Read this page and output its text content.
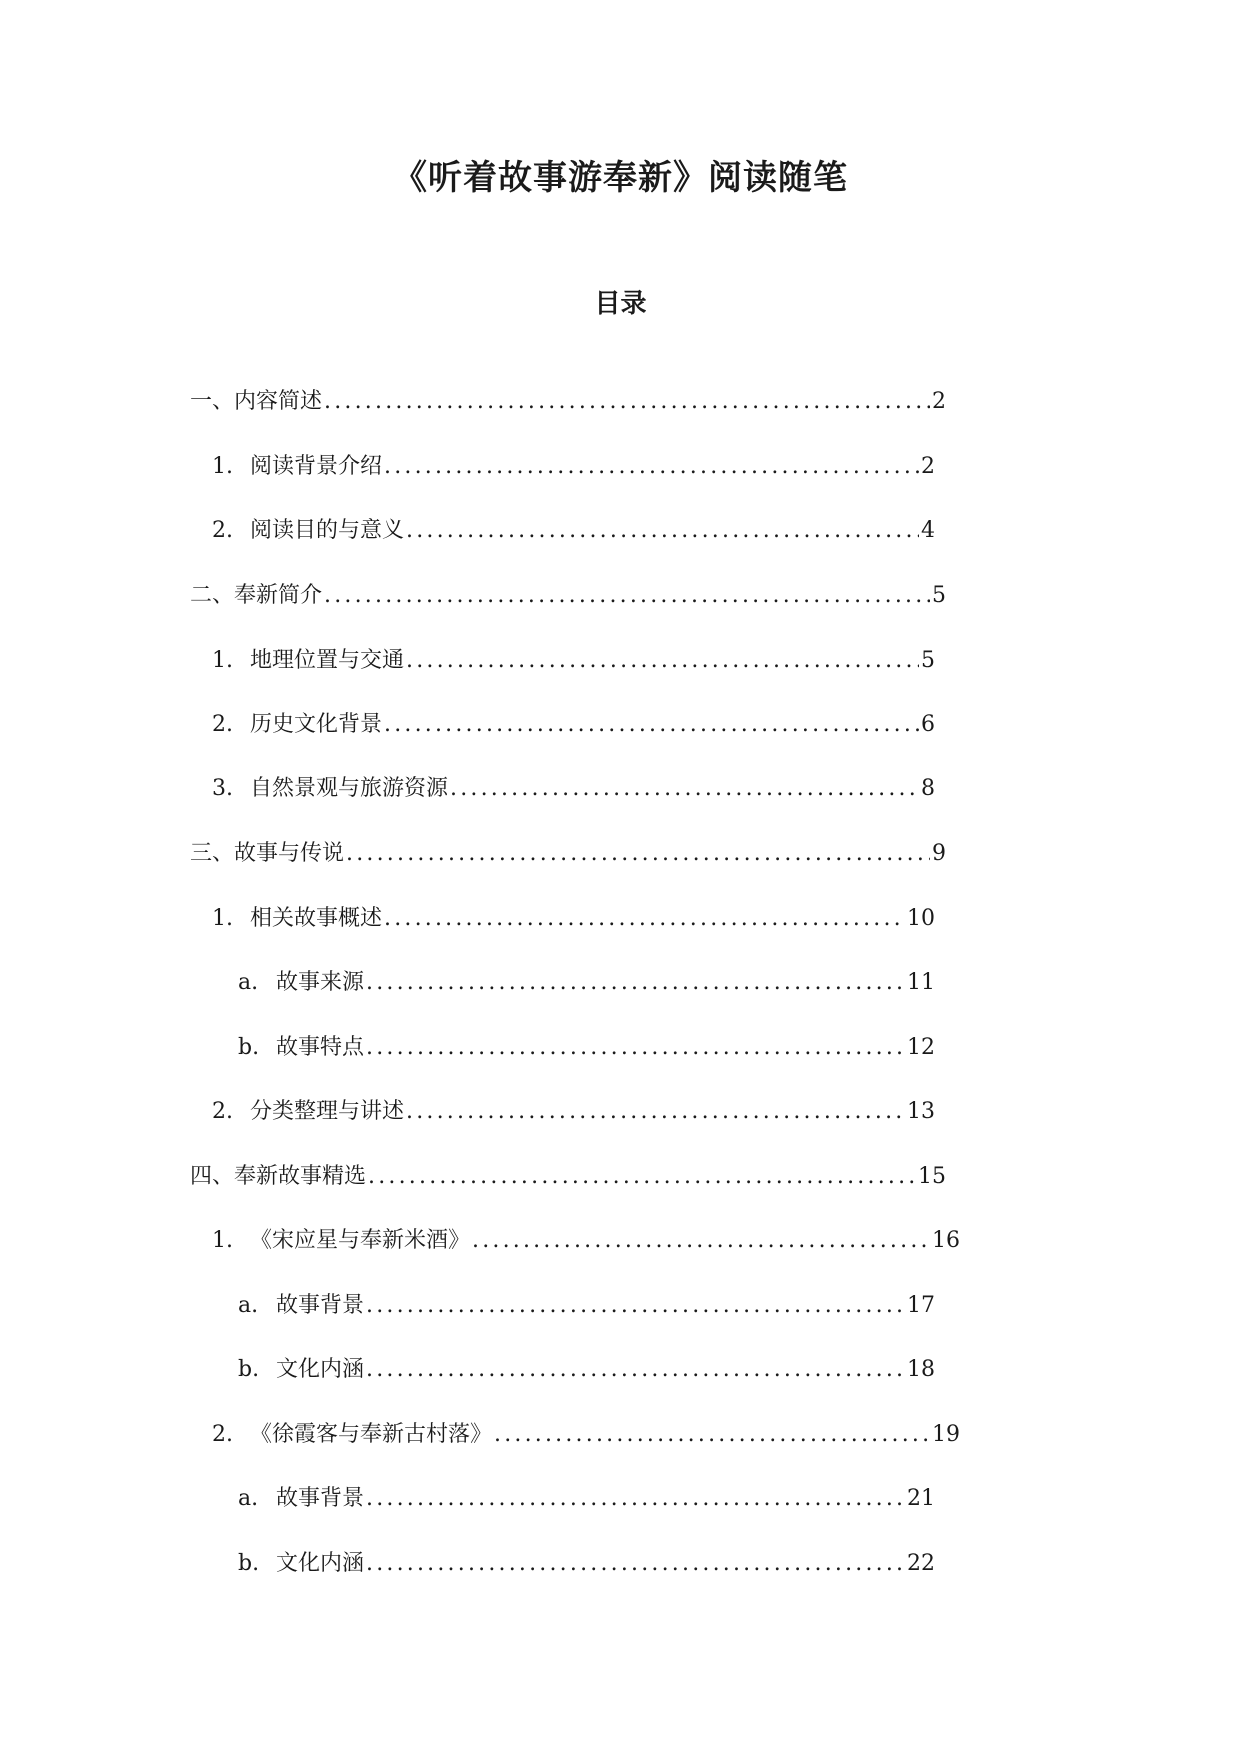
《听着故事游奉新》阅读随笔
目录
一、 内容简述 .....	2
1. 阅读背景介绍 .....	2
2. 阅读目的与意义 .....	4
二、 奉新简介 .....	5
1. 地理位置与交通 .....	5
2. 历史文化背景 .....	6
3. 自然景观与旅游资源 .....	8
三、 故事与传说 .....	9
1. 相关故事概述 .....	10
a. 故事来源 .....	11
b. 故事特点 .....	12
2. 分类整理与讲述 .....	13
四、 奉新故事精选 .....	15
1. 《宋应星与奉新米酒》 .....	16
a. 故事背景 .....	17
b. 文化内涵 .....	18
2. 《徐霞客与奉新古村落》 .....	19
a. 故事背景 .....	21
b. 文化内涵 .....	22
